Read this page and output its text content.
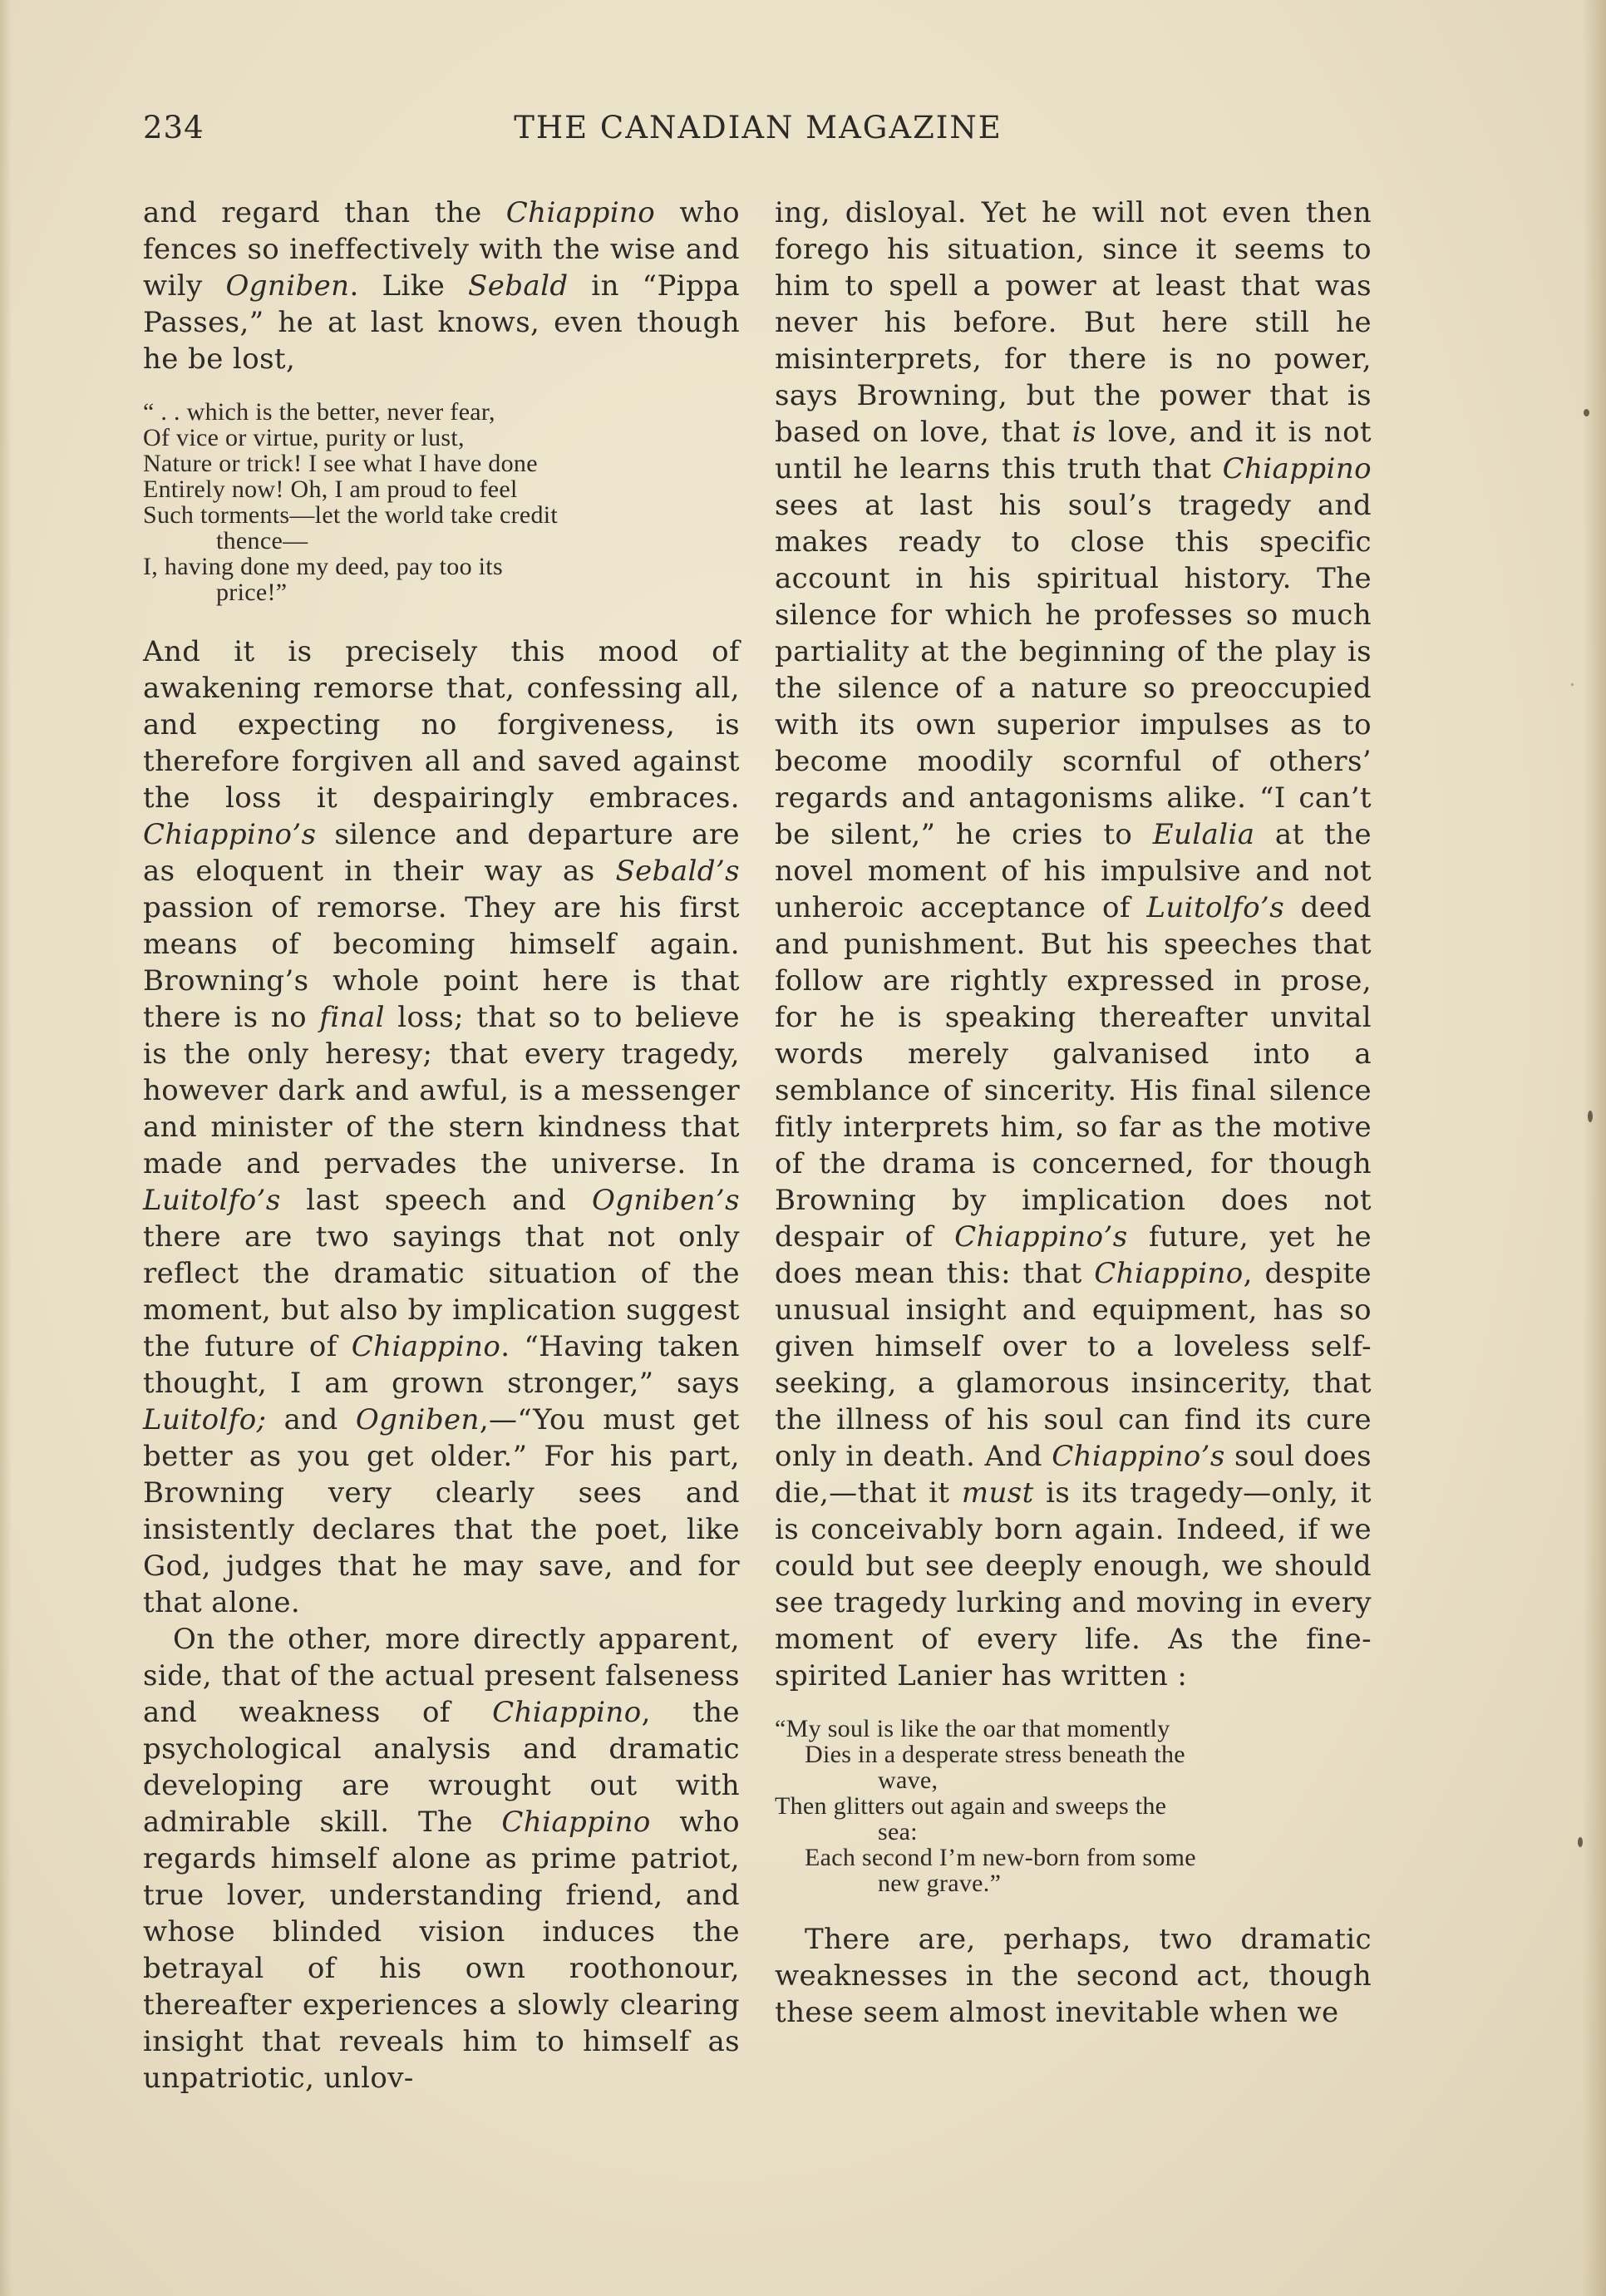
234	THE CANADIAN MAGAZINE

and regard than the Chiappino who fences so ineffectively with the wise and wily Ogniben. Like Sebald in “Pippa Passes,” he at last knows, even though he be lost,

“ . . which is the better, never fear,
Of vice or virtue, purity or lust,
Nature or trick! I see what I have done
Entirely now! Oh, I am proud to feel
Such torments—let the world take credit
thence—
I, having done my deed, pay too its
price!”

And it is precisely this mood of awakening remorse that, confessing all, and expecting no forgiveness, is therefore forgiven all and saved against the loss it despairingly embraces. Chiappino’s silence and departure are as eloquent in their way as Sebald’s passion of remorse. They are his first means of becoming himself again. Browning’s whole point here is that there is no final loss; that so to believe is the only heresy; that every tragedy, however dark and awful, is a messenger and minister of the stern kindness that made and pervades the universe. In Luitolfo’s last speech and Ogniben’s there are two sayings that not only reflect the dramatic situation of the moment, but also by implication suggest the future of Chiappino. “Having taken thought, I am grown stronger,” says Luitolfo; and Ogniben,—“You must get better as you get older.” For his part, Browning very clearly sees and insistently declares that the poet, like God, judges that he may save, and for that alone.

On the other, more directly apparent, side, that of the actual present falseness and weakness of Chiappino, the psychological analysis and dramatic developing are wrought out with admirable skill. The Chiappino who regards himself alone as prime patriot, true lover, understanding friend, and whose blinded vision induces the betrayal of his own roothonour, thereafter experiences a slowly clearing insight that reveals him to himself as unpatriotic, unlov-

ing, disloyal. Yet he will not even then forego his situation, since it seems to him to spell a power at least that was never his before. But here still he misinterprets, for there is no power, says Browning, but the power that is based on love, that is love, and it is not until he learns this truth that Chiappino sees at last his soul’s tragedy and makes ready to close this specific account in his spiritual history. The silence for which he professes so much partiality at the beginning of the play is the silence of a nature so preoccupied with its own superior impulses as to become moodily scornful of others’ regards and antagonisms alike. “I can’t be silent,” he cries to Eulalia at the novel moment of his impulsive and not unheroic acceptance of Luitolfo’s deed and punishment. But his speeches that follow are rightly expressed in prose, for he is speaking thereafter unvital words merely galvanised into a semblance of sincerity. His final silence fitly interprets him, so far as the motive of the drama is concerned, for though Browning by implication does not despair of Chiappino’s future, yet he does mean this: that Chiappino, despite unusual insight and equipment, has so given himself over to a loveless self-seeking, a glamorous insincerity, that the illness of his soul can find its cure only in death. And Chiappino’s soul does die,—that it must is its tragedy—only, it is conceivably born again. Indeed, if we could but see deeply enough, we should see tragedy lurking and moving in every moment of every life. As the fine-spirited Lanier has written :

“My soul is like the oar that momently
Dies in a desperate stress beneath the
wave,
Then glitters out again and sweeps the
sea:
Each second I’m new-born from some
new grave.”

There are, perhaps, two dramatic weaknesses in the second act, though these seem almost inevitable when we
